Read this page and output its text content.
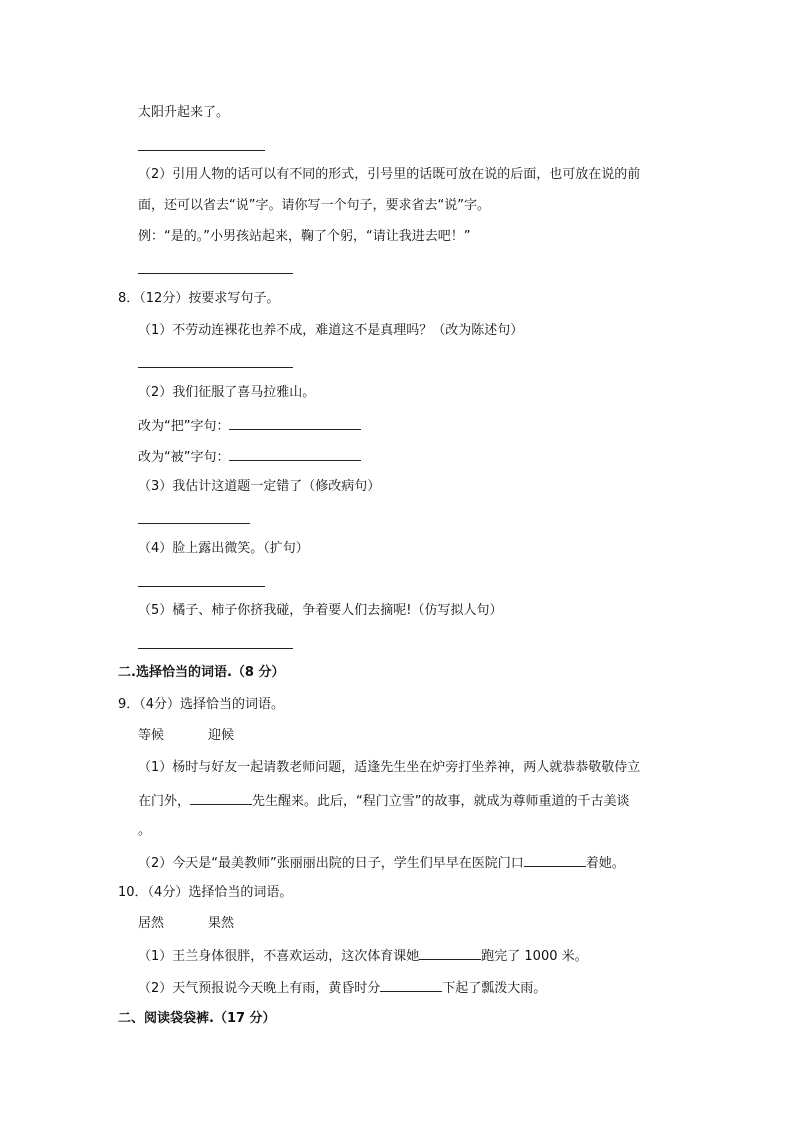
太阳升起来了。
（2）引用人物的话可以有不同的形式，引号里的话既可放在说的后面，也可放在说的前
面，还可以省去“说”字。请你写一个句子，要求省去“说”字。
例：“是的。”小男孩站起来，鞠了个躬，“请让我进去吧！”
8．（12分）按要求写句子。
（1）不劳动连裸花也养不成，难道这不是真理吗？（改为陈述句）
（2）我们征服了喜马拉雅山。
改为“把”字句：
改为“被”字句：
（3）我估计这道题一定错了（修改病句）
（4）脸上露出微笑。（扩句）
（5）橘子、柿子你挤我碰，争着要人们去摘呢!（仿写拟人句）
二.选择恰当的词语.（8 分）
9．（4分）选择恰当的词语。
等候	迎候
（1）杨时与好友一起请教老师问题，适逢先生坐在炉旁打坐养神，两人就恭恭敬敬侍立
在门外，	先生醒来。此后，“程门立雪”的故事，就成为尊师重道的千古美谈
。
（2）今天是“最美教师”张丽丽出院的日子，学生们早早在医院门口	着她。
10．（4分）选择恰当的词语。
居然	果然
（1）王兰身体很胖，不喜欢运动，这次体育课她	跑完了 1000 米。
（2）天气预报说今天晚上有雨，黄昏时分	下起了瓢泼大雨。
二、阅读袋袋裤.（17 分）
